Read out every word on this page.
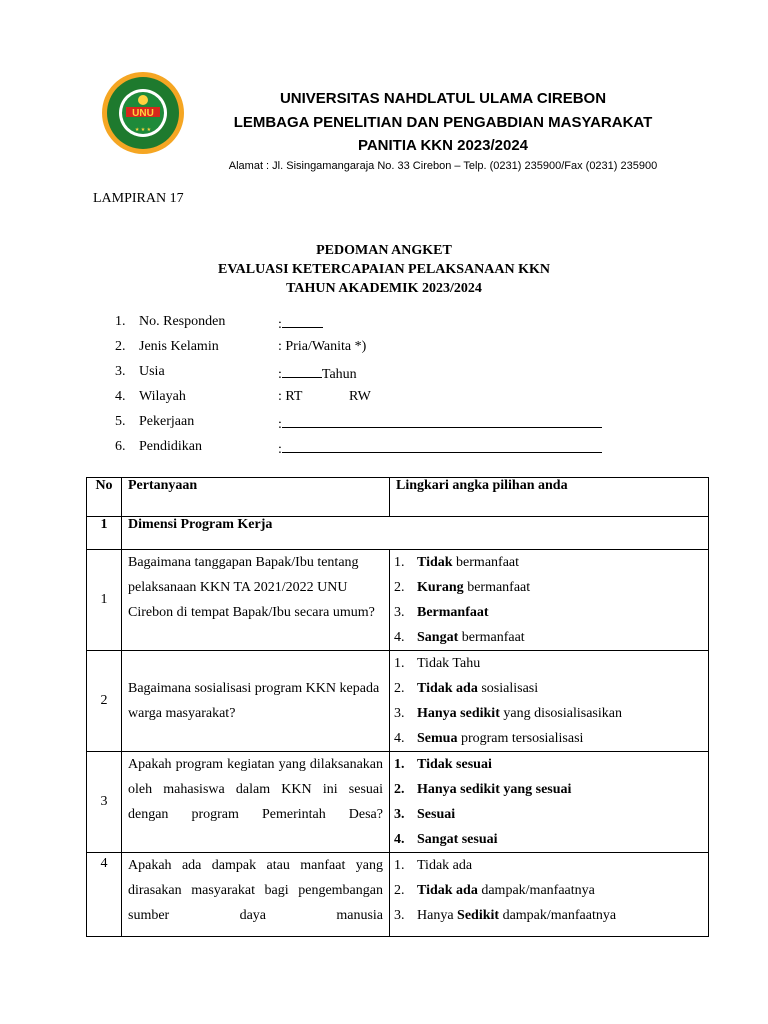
UNU
★ ★ ★
UNIVERSITAS NAHDLATUL ULAMA CIREBON
LEMBAGA PENELITIAN DAN PENGABDIAN MASYARAKAT
PANITIA KKN 2023/2024
Alamat : Jl. Sisingamangaraja No. 33 Cirebon – Telp. (0231) 235900/Fax (0231) 235900
LAMPIRAN 17
PEDOMAN ANGKET
EVALUASI KETERCAPAIAN PELAKSANAAN KKN
TAHUN AKADEMIK 2023/2024
1. No. Responden	:
2. Jenis Kelamin	: Pria/Wanita *)
3. Usia	:	Tahun
4. Wilayah	: RT	RW
5. Pekerjaan	:
6. Pendidikan	:
No	Pertanyaan	Lingkari angka pilihan anda
1	Dimensi Program Kerja	
1	Bagaimana tanggapan Bapak/Ibu tentang pelaksanaan KKN TA 2021/2022 UNU Cirebon di tempat Bapak/Ibu secara umum?	1. Tidak bermanfaat
2. Kurang bermanfaat
3. Bermanfaat
4. Sangat bermanfaat

2	Bagaimana sosialisasi program KKN kepada warga masyarakat?	1. Tidak Tahu
2. Tidak ada sosialisasi
3. Hanya sedikit yang disosialisasikan
4. Semua program tersosialisasi

3	Apakah program kegiatan yang dilaksanakan oleh mahasiswa dalam KKN ini sesuai dengan program Pemerintah Desa?	1. Tidak sesuai
2. Hanya sedikit yang sesuai
3. Sesuai
4. Sangat sesuai

4	Apakah ada dampak atau manfaat yang dirasakan masyarakat bagi pengembangan sumber daya manusia	1. Tidak ada
2. Tidak ada dampak/manfaatnya
3. Hanya Sedikit dampak/manfaatnya
